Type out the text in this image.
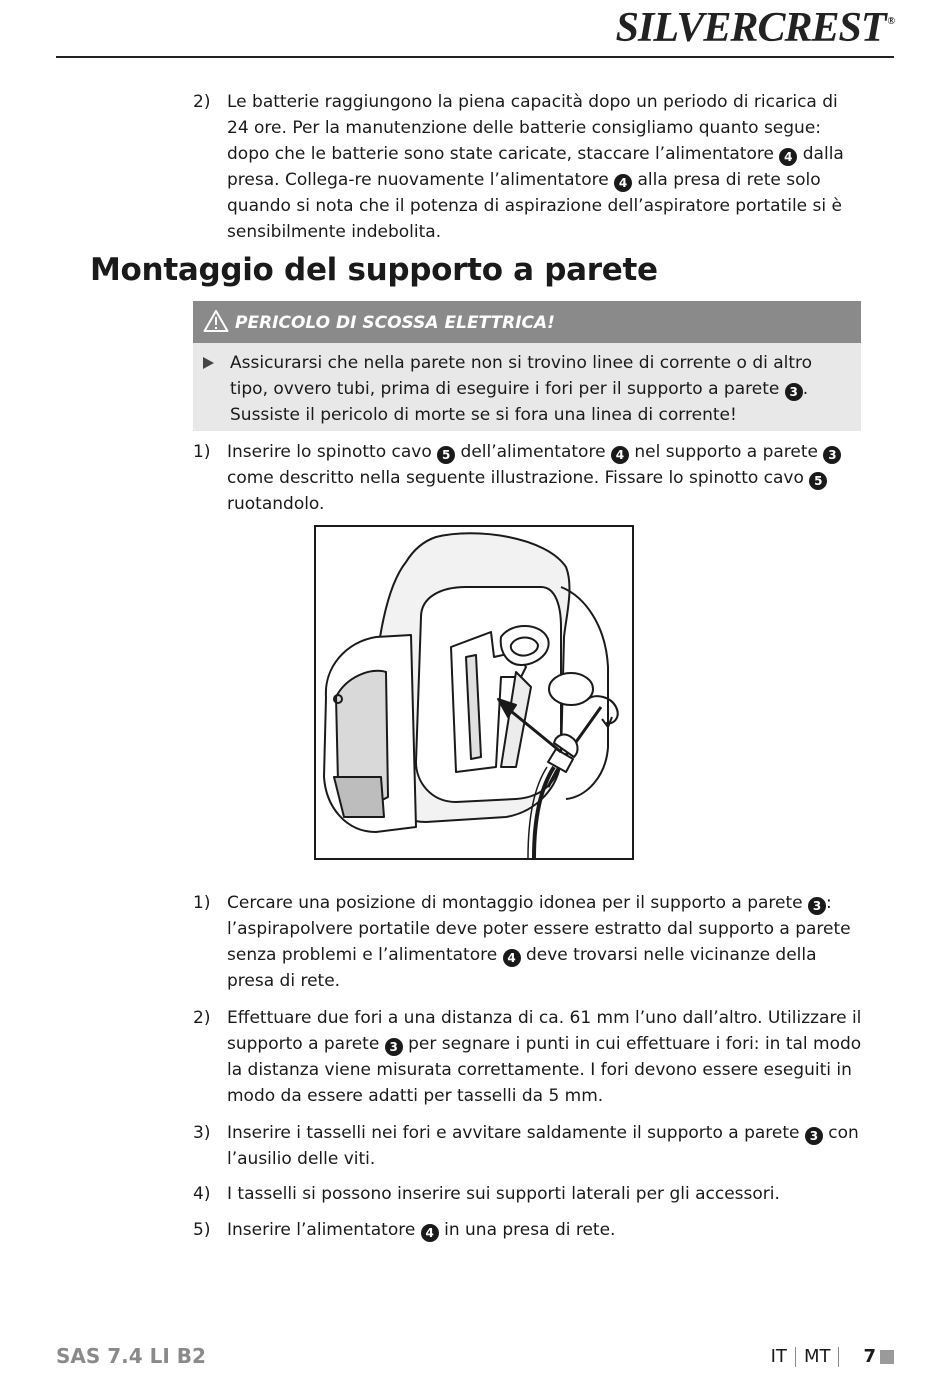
SILVERCREST ®
2) Le batterie raggiungono la piena capacità dopo un periodo di ricarica di 24 ore. Per la manutenzione delle batterie consigliamo quanto segue: dopo che le batterie sono state caricate, staccare l’alimentatore 4 dalla presa. Collega-re nuovamente l’alimentatore 4 alla presa di rete solo quando si nota che il potenza di aspirazione dell’aspiratore portatile si è sensibilmente indebolita.
Montaggio del supporto a parete
PERICOLO DI SCOSSA ELETTRICA!
Assicurarsi che nella parete non si trovino linee di corrente o di altro tipo, ovvero tubi, prima di eseguire i fori per il supporto a parete 3 . Sussiste il pericolo di morte se si fora una linea di corrente!
1) Inserire lo spinotto cavo 5 dell’alimentatore 4 nel supporto a parete 3 come descritto nella seguente illustrazione. Fissare lo spinotto cavo 5 ruotandolo.
1) Cercare una posizione di montaggio idonea per il supporto a parete 3 : l’aspirapolvere portatile deve poter essere estratto dal supporto a parete senza problemi e l’alimentatore 4 deve trovarsi nelle vicinanze della presa di rete.
2) Effettuare due fori a una distanza di ca. 61 mm l’uno dall’altro. Utilizzare il supporto a parete 3 per segnare i punti in cui effettuare i fori: in tal modo la distanza viene misurata correttamente. I fori devono essere eseguiti in modo da essere adatti per tasselli da 5 mm.
3) Inserire i tasselli nei fori e avvitare saldamente il supporto a parete 3 con l’ausilio delle viti.
4) I tasselli si possono inserire sui supporti laterali per gli accessori.
5) Inserire l’alimentatore 4 in una presa di rete.
SAS 7.4 LI B2	IT MT 7
